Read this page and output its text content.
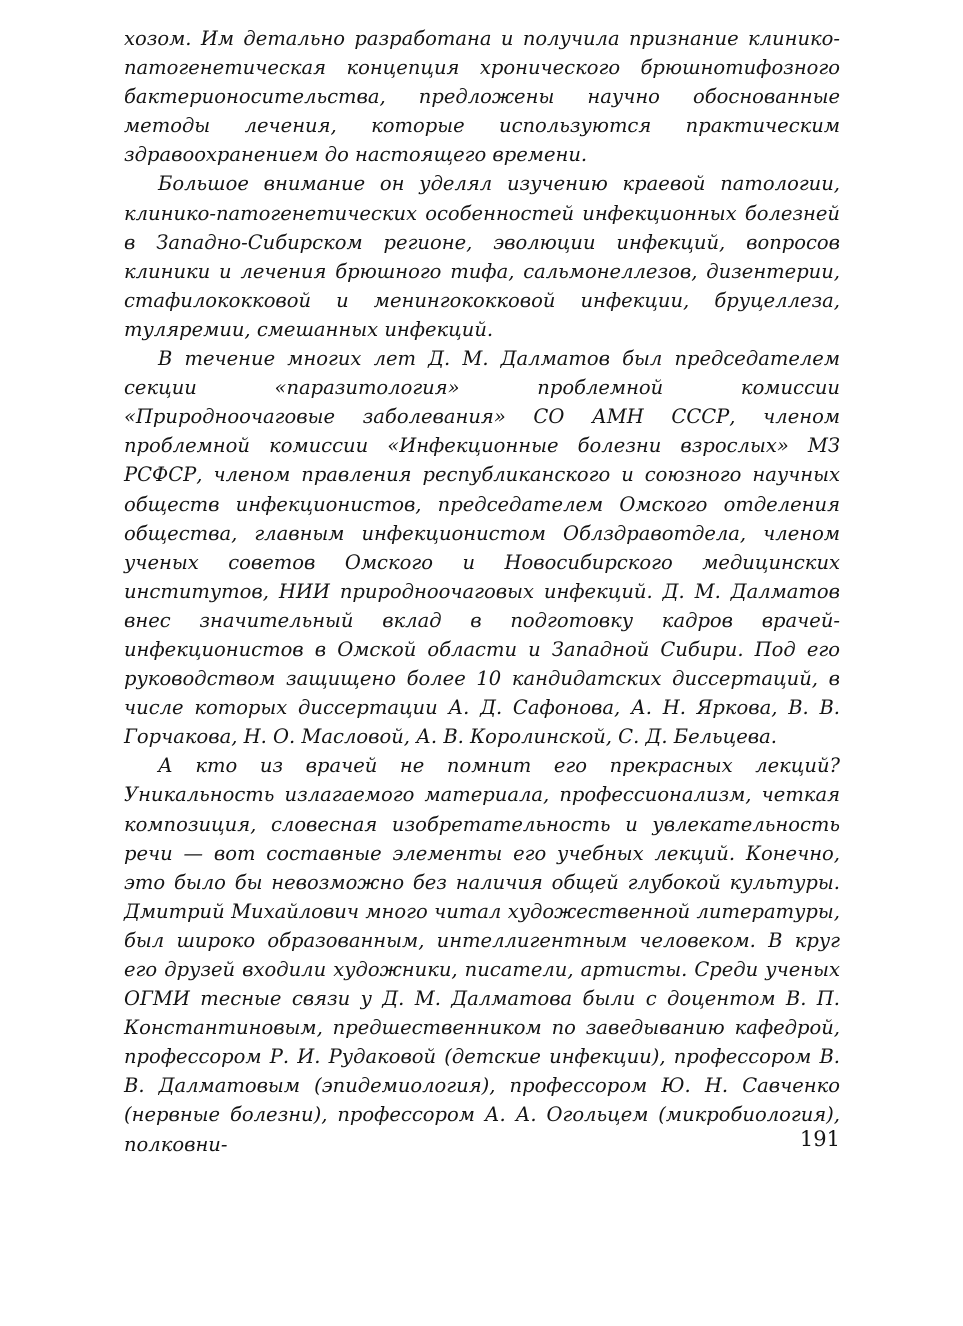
хозом. Им детально разработана и получила признание клинико-патогенетическая концепция хронического брюшнотифозного бактерионосительства, предложены научно обоснованные методы лечения, которые используются практическим здравоохранением до настоящего времени.

Большое внимание он уделял изучению краевой патологии, клинико-патогенетических особенностей инфекционных болезней в Западно-Сибирском регионе, эволюции инфекций, вопросов клиники и лечения брюшного тифа, сальмонеллезов, дизентерии, стафилококковой и менингококковой инфекции, бруцеллеза, туляремии, смешанных инфекций.

В течение многих лет Д. М. Далматов был председателем секции «паразитология» проблемной комиссии «Природноочаговые заболевания» СО АМН СССР, членом проблемной комиссии «Инфекционные болезни взрослых» МЗ РСФСР, членом правления республиканского и союзного научных обществ инфекционистов, председателем Омского отделения общества, главным инфекционистом Облздравотдела, членом ученых советов Омского и Новосибирского медицинских институтов, НИИ природноочаговых инфекций. Д. М. Далматов внес значительный вклад в подготовку кадров врачей-инфекционистов в Омской области и Западной Сибири. Под его руководством защищено более 10 кандидатских диссертаций, в числе которых диссертации А. Д. Сафонова, А. Н. Яркова, В. В. Горчакова, Н. О. Масловой, А. В. Королинской, С. Д. Бельцева.

А кто из врачей не помнит его прекрасных лекций? Уникальность излагаемого материала, профессионализм, четкая композиция, словесная изобретательность и увлекательность речи — вот составные элементы его учебных лекций. Конечно, это было бы невозможно без наличия общей глубокой культуры. Дмитрий Михайлович много читал художественной литературы, был широко образованным, интеллигентным человеком. В круг его друзей входили художники, писатели, артисты. Среди ученых ОГМИ тесные связи у Д. М. Далматова были с доцентом В. П. Константиновым, предшественником по заведыванию кафедрой, профессором Р. И. Рудаковой (детские инфекции), профессором В. В. Далматовым (эпидемиология), профессором Ю. Н. Савченко (нервные болезни), профессором А. А. Огольцем (микробиология), полковни-	191
